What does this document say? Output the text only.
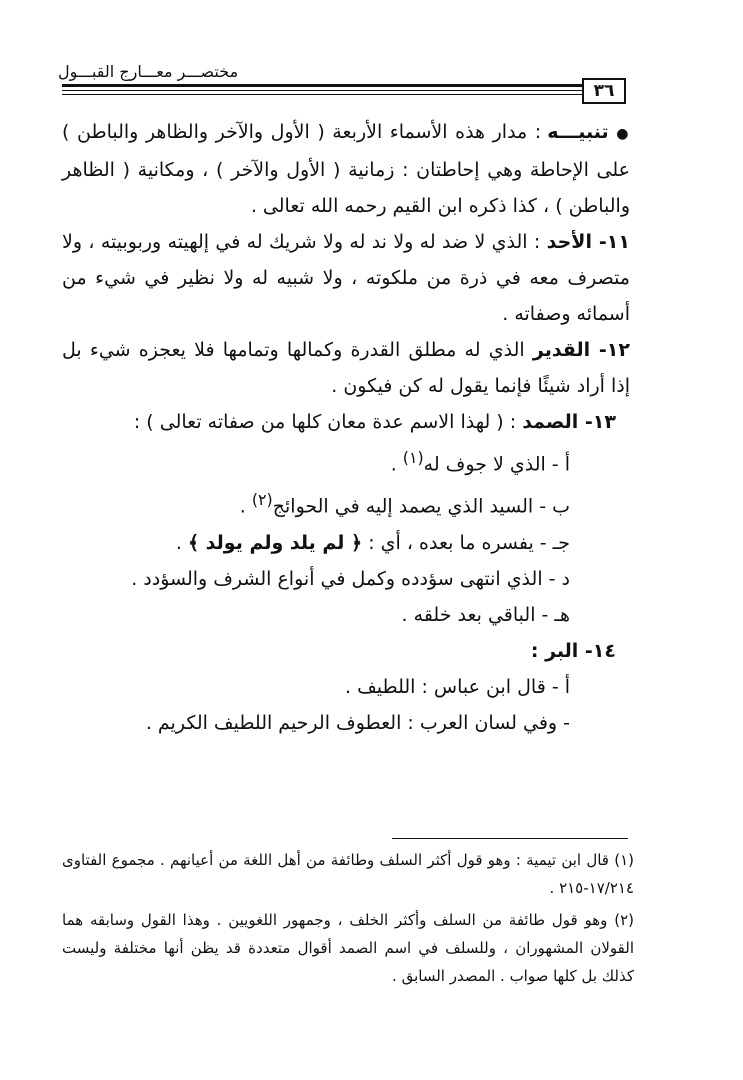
مختصـــر معـــارج القبـــول
٣٦

● تنبيـــه : مدار هذه الأسماء الأربعة ( الأول والآخر والظاهر والباطن ) على الإحاطة وهي إحاطتان : زمانية ( الأول والآخر ) ، ومكانية ( الظاهر والباطن ) ، كذا ذكره ابن القيم رحمه الله تعالى .

١١- الأحد : الذي لا ضد له ولا ند له ولا شريك له في إلهيته وربوبيته ، ولا متصرف معه في ذرة من ملكوته ، ولا شبيه له ولا نظير في شيء من أسمائه وصفاته .

١٢- القدير الذي له مطلق القدرة وكمالها وتمامها فلا يعجزه شيء بل إذا أراد شيئًا فإنما يقول له كن فيكون .

١٣- الصمد : ( لهذا الاسم عدة معان كلها من صفاته تعالى ) :

أ - الذي لا جوف له$^{(١)}$ .

ب - السيد الذي يصمد إليه في الحوائج$^{(٢)}$ .

جـ - يفسره ما بعده ، أي : ﴿ لم يلد ولم يولد ﴾ .

د - الذي انتهى سؤدده وكمل في أنواع الشرف والسؤدد .

هـ - الباقي بعد خلقه .

١٤- البر :

أ - قال ابن عباس : اللطيف .

- وفي لسان العرب : العطوف الرحيم اللطيف الكريم .

(١) قال ابن تيمية : وهو قول أكثر السلف وطائفة من أهل اللغة من أعيانهم . مجموع الفتاوى ١٧/٢١٤-٢١٥ .

(٢) وهو قول طائفة من السلف وأكثر الخلف ، وجمهور اللغويين . وهذا القول وسابقه هما القولان المشهوران ، وللسلف في اسم الصمد أقوال متعددة قد يظن أنها مختلفة وليست كذلك بل كلها صواب . المصدر السابق .
